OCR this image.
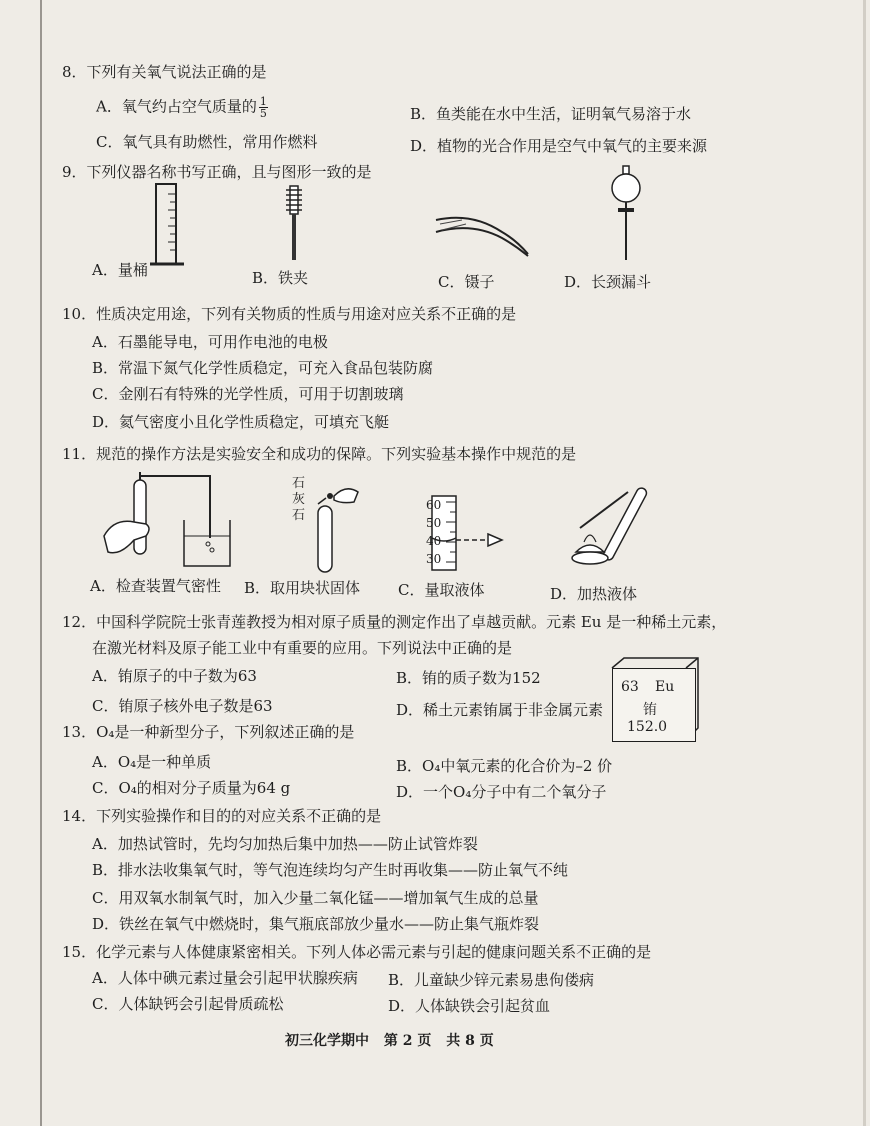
8．下列有关氧气说法正确的是
A．氧气约占空气质量的 $\frac{1}{5}$	B．鱼类能在水中生活，证明氧气易溶于水
C．氧气具有助燃性，常用作燃料	D．植物的光合作用是空气中氧气的主要来源
9．下列仪器名称书写正确，且与图形一致的是
A．量桶	B．铁夹	C．镊子	D．长颈漏斗
10．性质决定用途，下列有关物质的性质与用途对应关系不正确的是
A．石墨能导电，可用作电池的电极
B．常温下氮气化学性质稳定，可充入食品包装防腐
C．金刚石有特殊的光学性质，可用于切割玻璃
D．氦气密度小且化学性质稳定，可填充飞艇
11．规范的操作方法是实验安全和成功的保障。下列实验基本操作中规范的是
石
灰
石
60
50
40
30
A．检查装置气密性 B．取用块状固体	C．量取液体	D．加热液体
12．中国科学院院士张青莲教授为相对原子质量的测定作出了卓越贡献。元素 Eu 是一种稀土元素，
在激光材料及原子能工业中有重要的应用。下列说法中正确的是
A．铕原子的中子数为63	B．铕的质子数为152
C．铕原子核外电子数是63	D．稀土元素铕属于非金属元素
63 Eu
铕
152.0
13．O₄是一种新型分子，下列叙述正确的是
A．O₄是一种单质	B．O₄中氧元素的化合价为–2 价
C．O₄的相对分子质量为64 g	D．一个O₄分子中有二个氧分子
14．下列实验操作和目的的对应关系不正确的是
A．加热试管时，先均匀加热后集中加热——防止试管炸裂
B．排水法收集氧气时，等气泡连续均匀产生时再收集——防止氧气不纯
C．用双氧水制氧气时，加入少量二氧化锰——增加氧气生成的总量
D．铁丝在氧气中燃烧时，集气瓶底部放少量水——防止集气瓶炸裂
15．化学元素与人体健康紧密相关。下列人体必需元素与引起的健康问题关系不正确的是
A．人体中碘元素过量会引起甲状腺疾病 B．儿童缺少锌元素易患佝偻病
C．人体缺钙会引起骨质疏松	D．人体缺铁会引起贫血
初三化学期中 第 2 页 共 8 页
